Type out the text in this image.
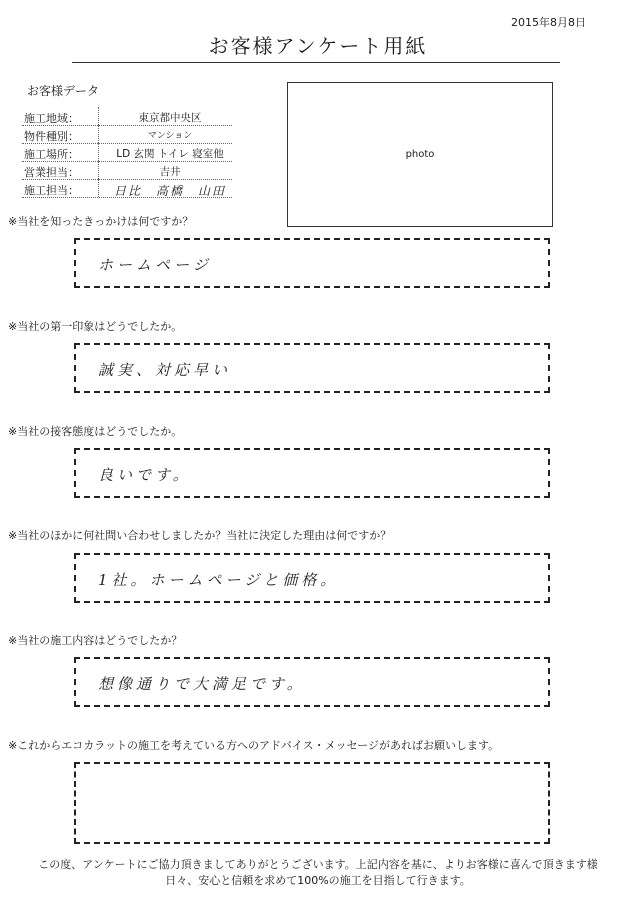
2015年8月8日
お客様アンケート用紙
お客様データ
施工地域：	東京都中央区
物件種別：	マンション
施工場所：	LD 玄関 トイレ 寝室他
営業担当：	吉井
施工担当：	日比　高橋　山田
photo
※当社を知ったきっかけは何ですか？
ホームページ
※当社の第一印象はどうでしたか。
誠実、対応早い
※当社の接客態度はどうでしたか。
良いです。
※当社のほかに何社問い合わせしましたか？当社に決定した理由は何ですか？
1社。ホームページと価格。
※当社の施工内容はどうでしたか？
想像通りで大満足です。
※これからエコカラットの施工を考えている方へのアドバイス・メッセージがあればお願いします。
この度、アンケートにご協力頂きましてありがとうございます。上記内容を基に、よりお客様に喜んで頂きます様
日々、安心と信頼を求めて100%の施工を目指して行きます。
